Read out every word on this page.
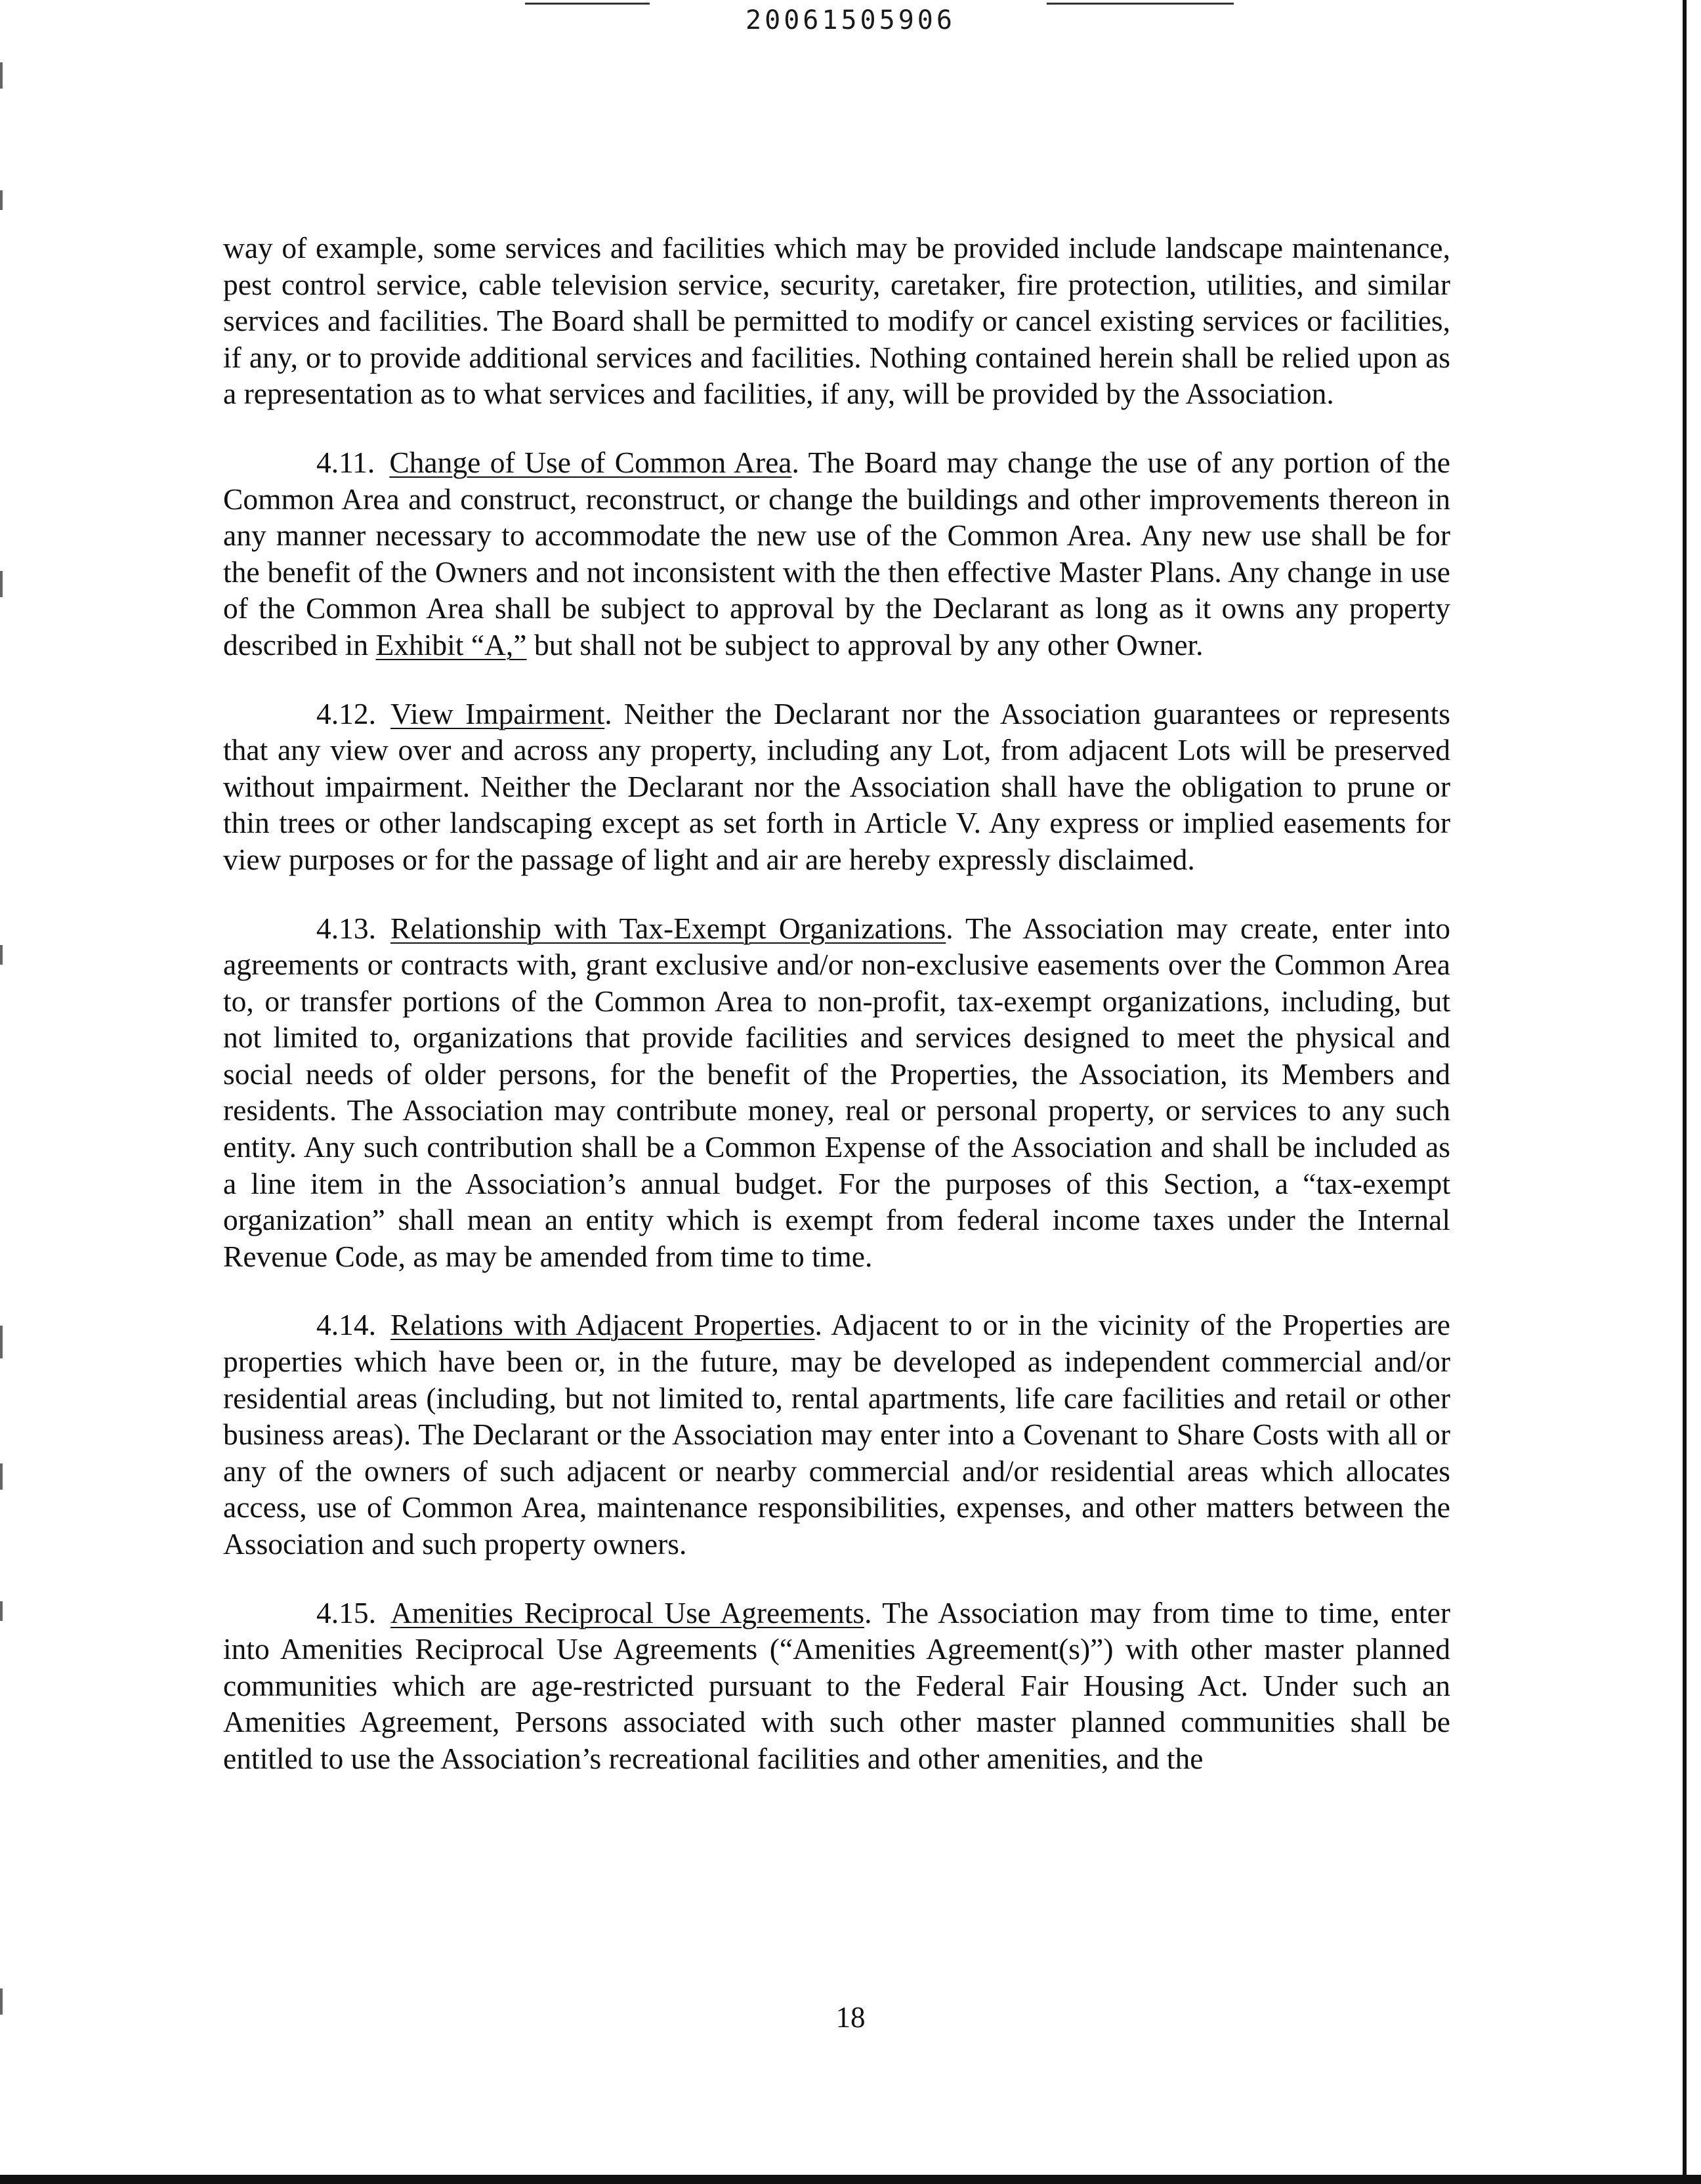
20061505906

way of example, some services and facilities which may be provided include landscape maintenance, pest control service, cable television service, security, caretaker, fire protection, utilities, and similar services and facilities. The Board shall be permitted to modify or cancel existing services or facilities, if any, or to provide additional services and facilities. Nothing contained herein shall be relied upon as a representation as to what services and facilities, if any, will be provided by the Association.

4.11. Change of Use of Common Area. The Board may change the use of any portion of the Common Area and construct, reconstruct, or change the buildings and other improvements thereon in any manner necessary to accommodate the new use of the Common Area. Any new use shall be for the benefit of the Owners and not inconsistent with the then effective Master Plans. Any change in use of the Common Area shall be subject to approval by the Declarant as long as it owns any property described in Exhibit “A,” but shall not be subject to approval by any other Owner.

4.12. View Impairment. Neither the Declarant nor the Association guarantees or represents that any view over and across any property, including any Lot, from adjacent Lots will be preserved without impairment. Neither the Declarant nor the Association shall have the obligation to prune or thin trees or other landscaping except as set forth in Article V. Any express or implied easements for view purposes or for the passage of light and air are hereby expressly disclaimed.

4.13. Relationship with Tax-Exempt Organizations. The Association may create, enter into agreements or contracts with, grant exclusive and/or non-exclusive easements over the Common Area to, or transfer portions of the Common Area to non-profit, tax-exempt organizations, including, but not limited to, organizations that provide facilities and services designed to meet the physical and social needs of older persons, for the benefit of the Properties, the Association, its Members and residents. The Association may contribute money, real or personal property, or services to any such entity. Any such contribution shall be a Common Expense of the Association and shall be included as a line item in the Association’s annual budget. For the purposes of this Section, a “tax-exempt organization” shall mean an entity which is exempt from federal income taxes under the Internal Revenue Code, as may be amended from time to time.

4.14. Relations with Adjacent Properties. Adjacent to or in the vicinity of the Properties are properties which have been or, in the future, may be developed as independent commercial and/or residential areas (including, but not limited to, rental apartments, life care facilities and retail or other business areas). The Declarant or the Association may enter into a Covenant to Share Costs with all or any of the owners of such adjacent or nearby commercial and/or residential areas which allocates access, use of Common Area, maintenance responsibilities, expenses, and other matters between the Association and such property owners.

4.15. Amenities Reciprocal Use Agreements. The Association may from time to time, enter into Amenities Reciprocal Use Agreements (“Amenities Agreement(s)”) with other master planned communities which are age-restricted pursuant to the Federal Fair Housing Act. Under such an Amenities Agreement, Persons associated with such other master planned communities shall be entitled to use the Association’s recreational facilities and other amenities, and the

18
